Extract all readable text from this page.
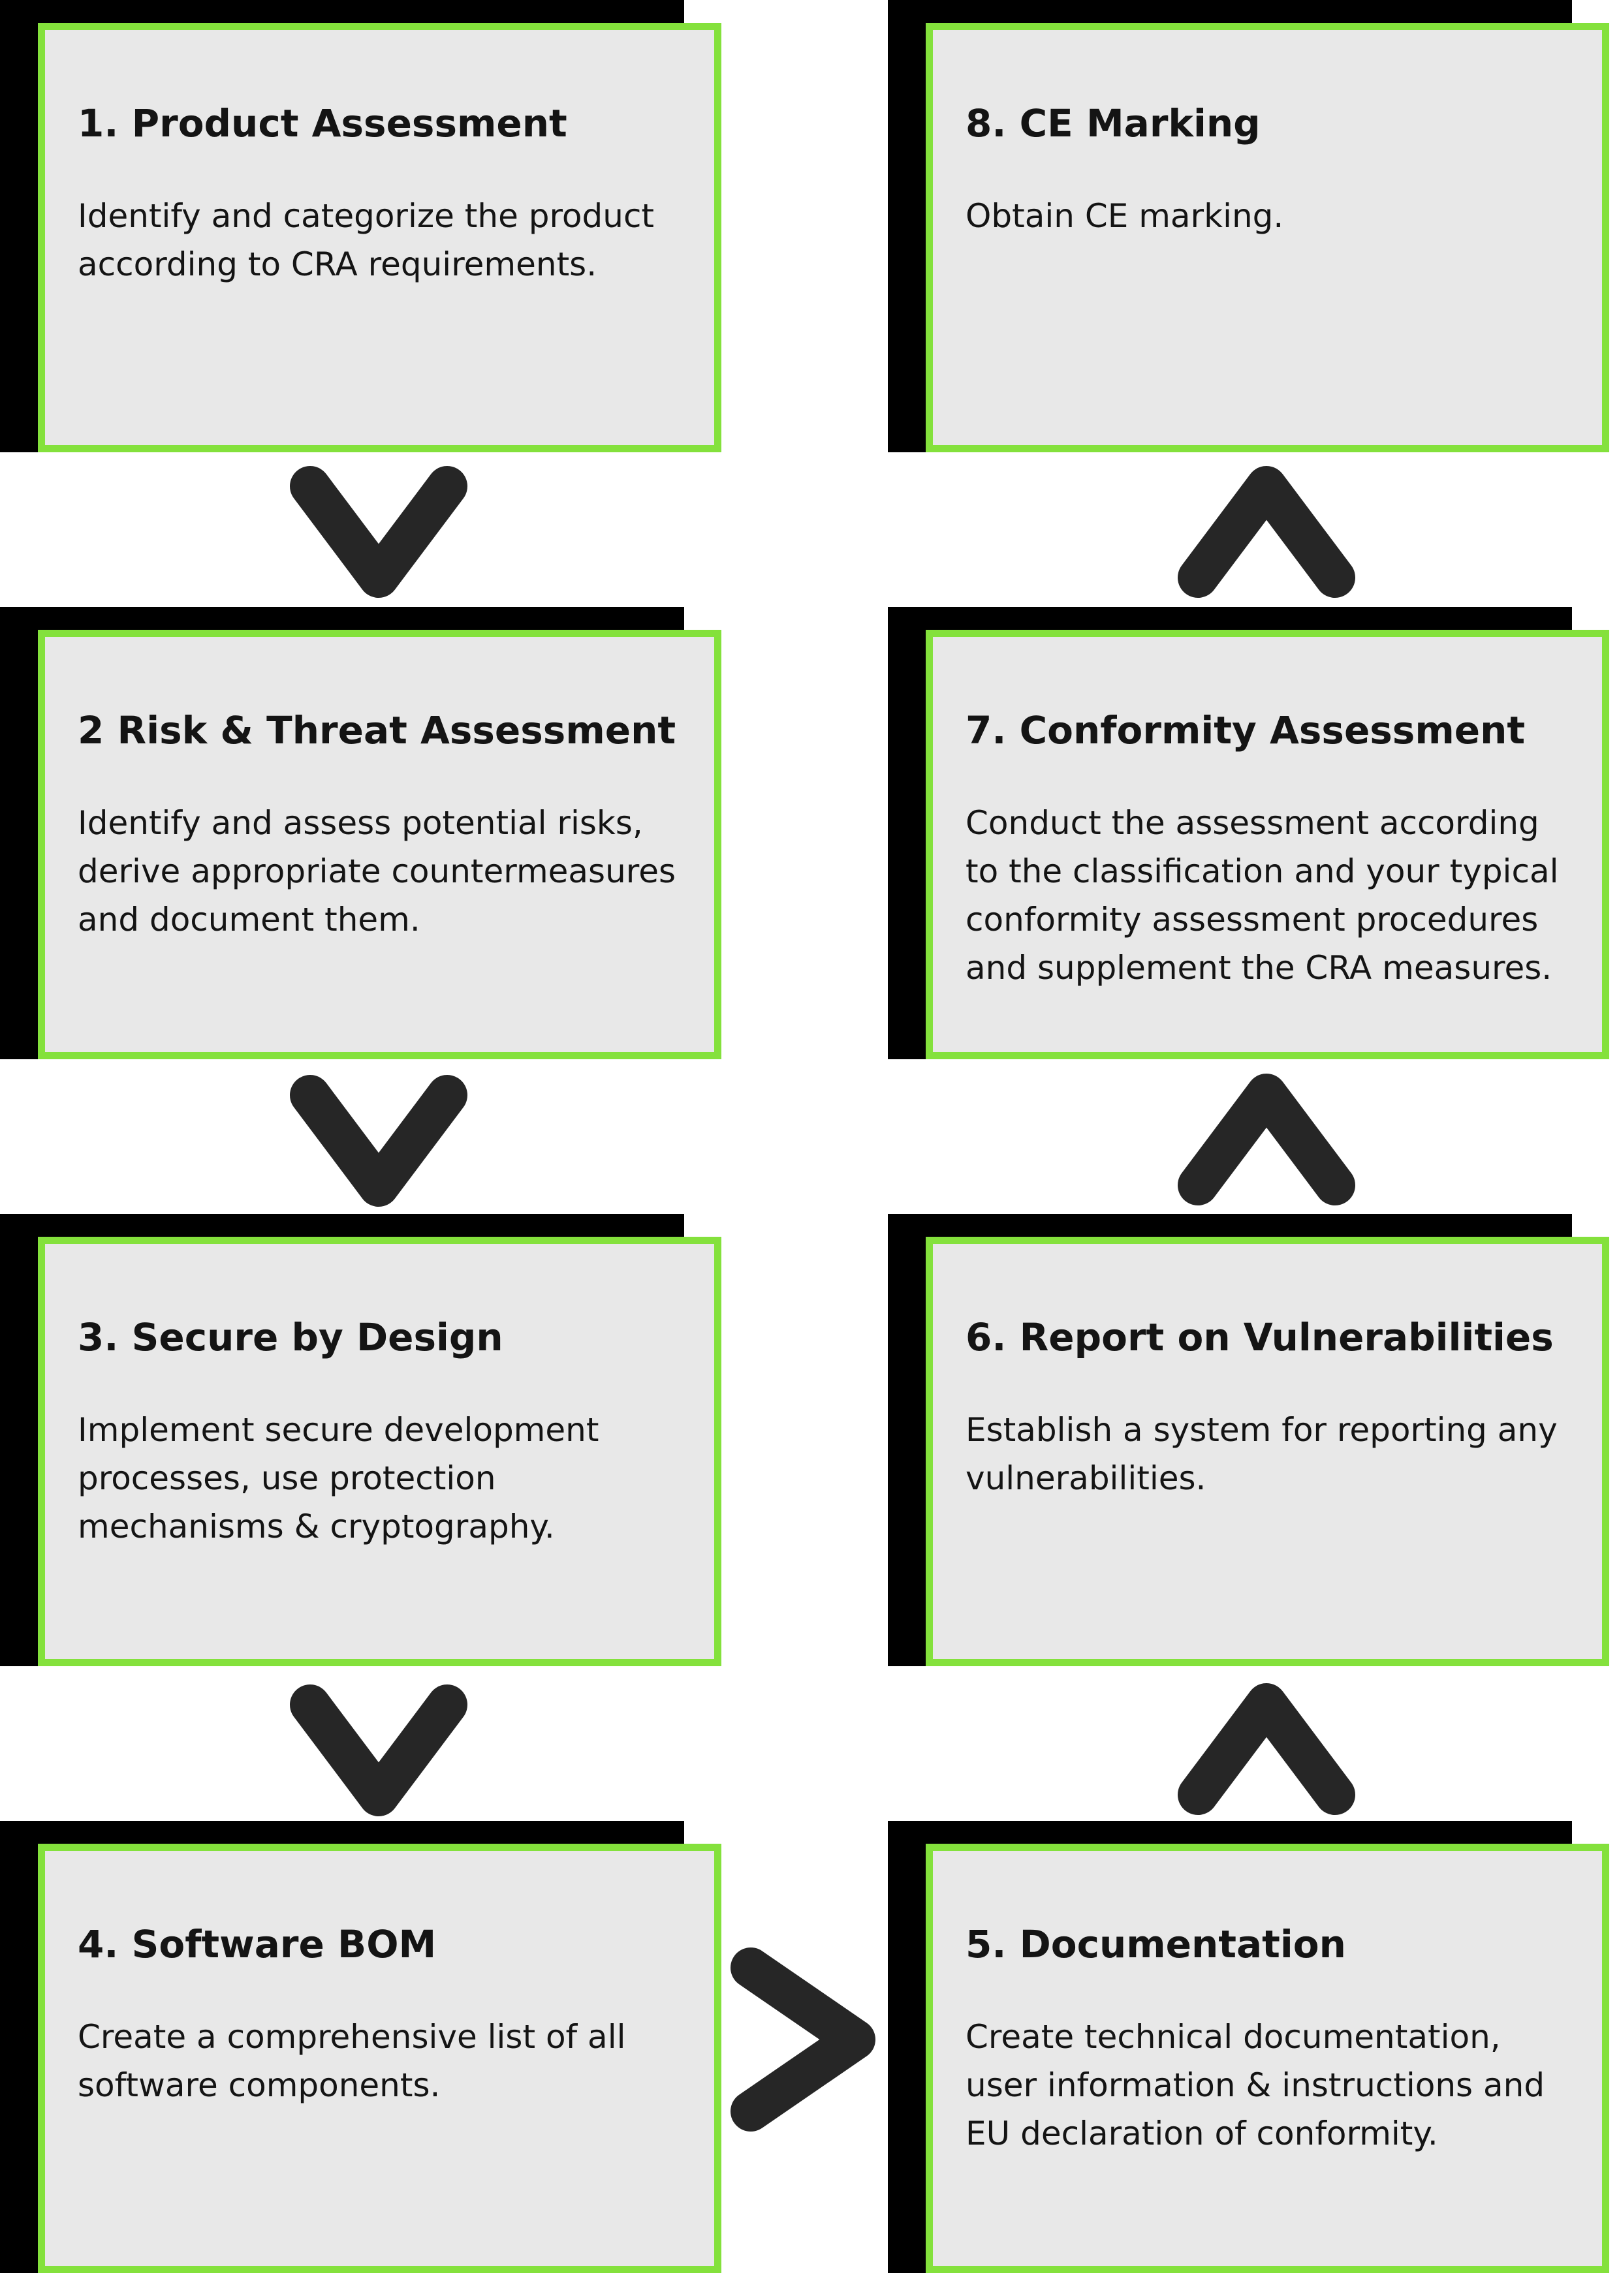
1. Product Assessment

Identify and categorize the product according to CRA requirements.

2 Risk & Threat Assessment

Identify and assess potential risks, derive appropriate countermeasures and document them.

3. Secure by Design

Implement secure development processes, use protection mechanisms & cryptography.

4. Software BOM

Create a comprehensive list of all software components.

8. CE Marking

Obtain CE marking.

7. Conformity Assessment

Conduct the assessment according to the classification and your typical conformity assessment procedures and supplement the CRA measures.

6. Report on Vulnerabilities

Establish a system for reporting any vulnerabilities.

5. Documentation

Create technical documentation, user information & instructions and EU declaration of conformity.
